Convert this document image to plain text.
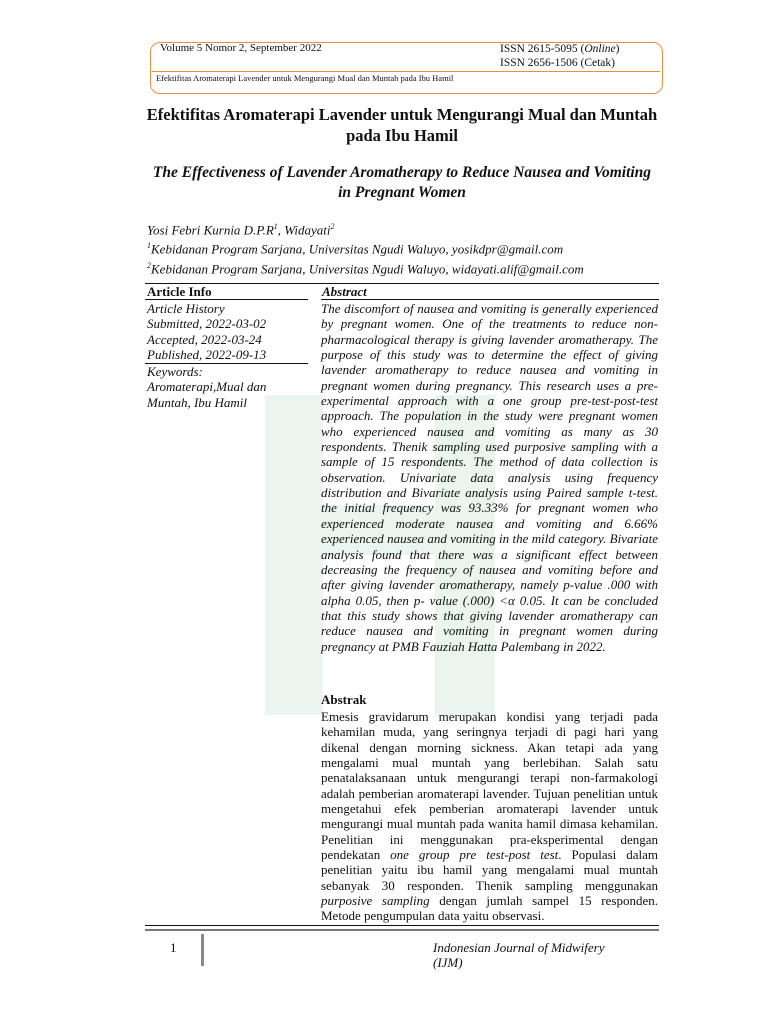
Volume 5 Nomor 2, September 2022	ISSN 2615-5095 (Online)
ISSN 2656-1506 (Cetak)
Efektifitas Aromaterapi Lavender untuk Mengurangi Mual dan Muntah pada Ibu Hamil
Efektifitas Aromaterapi Lavender untuk Mengurangi Mual dan Muntah pada Ibu Hamil
The Effectiveness of Lavender Aromatherapy to Reduce Nausea and Vomiting in Pregnant Women
Yosi Febri Kurnia $D.P.R^1$, Widayati$^2$
$^1$Kebidanan Program Sarjana, Universitas Ngudi Waluyo, yosikdpr@gmail.com
$^2$Kebidanan Program Sarjana, Universitas Ngudi Waluyo, widayati.alif@gmail.com
Article Info	Abstract
Article History
Submitted, 2022-03-02
Accepted, 2022-03-24
Published, 2022-09-13
Keywords:
Aromaterapi,Mual dan Muntah, Ibu Hamil
The discomfort of nausea and vomiting is generally experienced by pregnant women. One of the treatments to reduce non-pharmacological therapy is giving lavender aromatherapy. The purpose of this study was to determine the effect of giving lavender aromatherapy to reduce nausea and vomiting in pregnant women during pregnancy. This research uses a pre-experimental approach with a one group pre-test-post-test approach. The population in the study were pregnant women who experienced nausea and vomiting as many as 30 respondents. Thenik sampling used purposive sampling with a sample of 15 respondents. The method of data collection is observation. Univariate data analysis using frequency distribution and Bivariate analysis using Paired sample t-test. the initial frequency was 93.33% for pregnant women who experienced moderate nausea and vomiting and 6.66% experienced nausea and vomiting in the mild category. Bivariate analysis found that there was a significant effect between decreasing the frequency of nausea and vomiting before and after giving lavender aromatherapy, namely p-value .000 with alpha 0.05, then p- value (.000) <α 0.05. It can be concluded that this study shows that giving lavender aromatherapy can reduce nausea and vomiting in pregnant women during pregnancy at PMB Fauziah Hatta Palembang in 2022.
Abstrak
Emesis gravidarum merupakan kondisi yang terjadi pada kehamilan muda, yang seringnya terjadi di pagi hari yang dikenal dengan morning sickness. Akan tetapi ada yang mengalami mual muntah yang berlebihan. Salah satu penatalaksanaan untuk mengurangi terapi non-farmakologi adalah pemberian aromaterapi lavender. Tujuan penelitian untuk mengetahui efek pemberian aromaterapi lavender untuk mengurangi mual muntah pada wanita hamil dimasa kehamilan. Penelitian ini menggunakan pra-eksperimental dengan pendekatan one group pre test-post test. Populasi dalam penelitian yaitu ibu hamil yang mengalami mual muntah sebanyak 30 responden. Thenik sampling menggunakan purposive sampling dengan jumlah sampel 15 responden. Metode pengumpulan data yaitu observasi.
1	Indonesian Journal of Midwifery (IJM)
